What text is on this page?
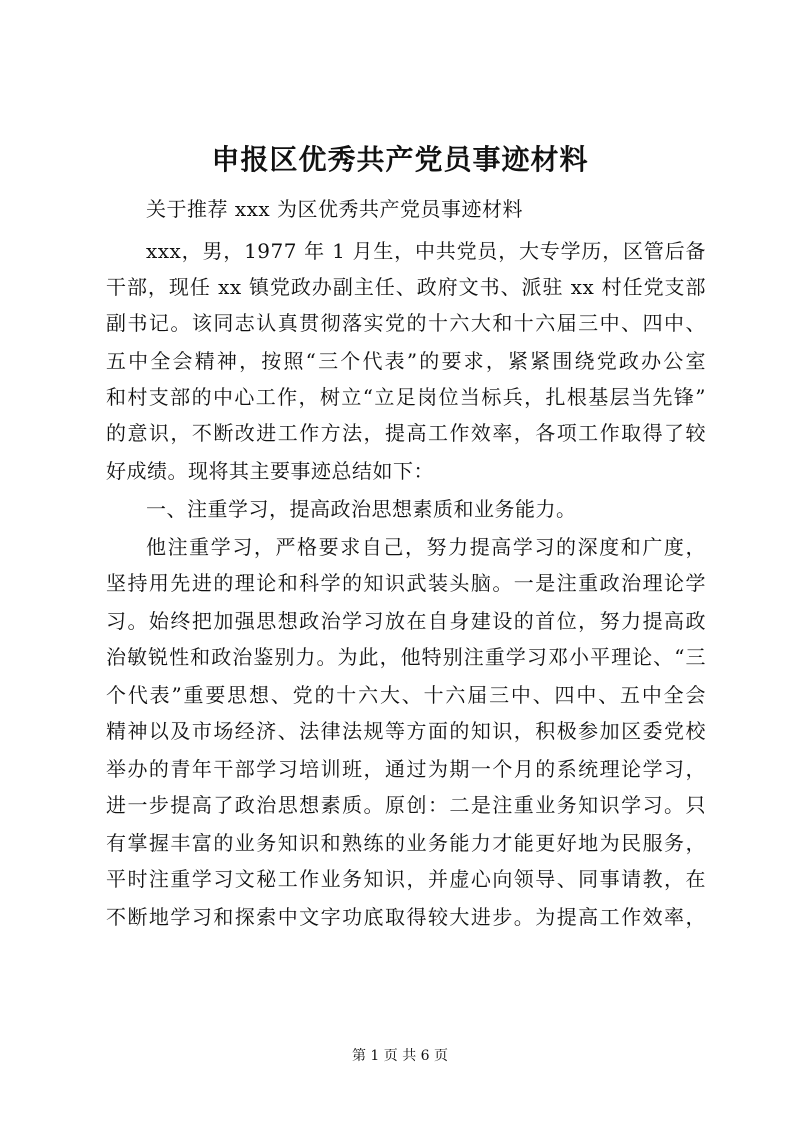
申报区优秀共产党员事迹材料
关于推荐 xxx 为区优秀共产党员事迹材料
xxx，男，1977 年 1 月生，中共党员，大专学历，区管后备
干部，现任 xx 镇党政办副主任、政府文书、派驻 xx 村任党支部
副书记。该同志认真贯彻落实党的十六大和十六届三中、四中、
五中全会精神，按照“三个代表”的要求，紧紧围绕党政办公室
和村支部的中心工作，树立“立足岗位当标兵，扎根基层当先锋”
的意识，不断改进工作方法，提高工作效率，各项工作取得了较
好成绩。现将其主要事迹总结如下：
一、注重学习，提高政治思想素质和业务能力。
他注重学习，严格要求自己，努力提高学习的深度和广度，
坚持用先进的理论和科学的知识武装头脑。一是注重政治理论学
习。始终把加强思想政治学习放在自身建设的首位，努力提高政
治敏锐性和政治鉴别力。为此，他特别注重学习邓小平理论、“三
个代表”重要思想、党的十六大、十六届三中、四中、五中全会
精神以及市场经济、法律法规等方面的知识，积极参加区委党校
举办的青年干部学习培训班，通过为期一个月的系统理论学习，
进一步提高了政治思想素质。原创：二是注重业务知识学习。只
有掌握丰富的业务知识和熟练的业务能力才能更好地为民服务，
平时注重学习文秘工作业务知识，并虚心向领导、同事请教，在
不断地学习和探索中文字功底取得较大进步。为提高工作效率，
第 1 页 共 6 页
